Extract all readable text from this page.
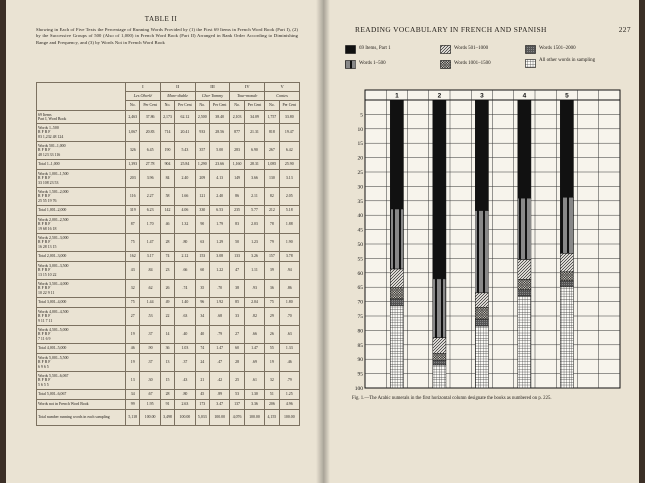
TABLE II
Showing in Each of Five Texts the Percentage of Running Words Provided by (1) the First 69 Items in French Word Book (Part I), (2) by the Successive Groups of 500 (Also of 1,000) in French Word Book (Part II) Arranged in Rank Order According to Diminishing Range and Frequency, and (3) by Words Not in French Word Book
	I		II		III		IV		V	
	Les Oberlé		Mare-diable		Cher Tommy		Tour-monde		Contes	
	No.	Per Cent	No.	Per Cent	No.	Per Cent	No.	Per Cent	No.	Per Cent
69 Items
Part I, Word Book	2,463	37.86	2,173	62.12	2,500	38.40	2,103	34.09	1,757	33.80
Words 1–500
R F R F
83 1,232 48 124	1,067	20.83	714	20.41	933	28.56	877	21.31	818	19.47
Words 501–1,000
R F R F
48 123 33 116	326	6.45	190	5.43	357	5.00	283	6.90	267	6.42
Total 1–1,000	1,393	27.78	904	25.84	1,290	23.66	1,160	28.31	1,085	25.90
Words 1,001–1,500
R F R F
33 108 23 53	203	3.96	84	2.40	209	4.13	149	3.66	130	3.13
Words 1,501–2,000
R F R F
25 55 19 76	116	2.27	58	1.66	121	2.40	86	2.11	82	2.05
Total 1,001–2,000	319	6.23	142	4.06	330	6.53	235	5.77	212	5.18
Words 2,001–2,500
R F R F
19 68 16 18	87	1.70	46	1.32	90	1.79	83	2.03	78	1.88
Words 2,501–3,000
R F R F
16 28 13 15	75	1.47	28	.80	63	1.29	50	1.23	79	1.90
Total 2,001–3,000	162	3.17	74	2.12	153	3.08	133	3.26	157	3.78
Words 3,001–3,500
R F R F
13 15 10 22	43	.84	23	.66	60	1.22	47	1.11	39	.94
Words 3,501–4,000
R F R F
10 22 9 11	32	.62	26	.74	35	.70	38	.93	36	.86
Total 3,001–4,000	75	1.44	49	1.40	96	1.92	85	2.04	75	1.80
Words 4,001–4,500
R F R F
9 11 7 11	27	.53	22	.63	34	.68	33	.82	29	.70
Words 4,501–5,000
R F R F
7 11 6 9	19	.37	14	.40	40	.79	27	.66	26	.63
Total 4,001–5,000	46	.90	36	1.03	74	1.47	60	1.47	55	1.33
Words 5,001–5,500
R F R F
6 9 6 5	19	.37	13	.37	24	.47	28	.69	19	.46
Words 5,501–6,067
R F R F
5 6 5 5	13	.30	15	.43	21	.42	25	.61	32	.79
Total 5,001–6,067	34	.67	28	.80	45	.89	53	1.30	51	1.25
Words not in French Word Book	99	1.95	91	2.63	173	3.47	137	3.36	206	4.96
Total number running words in each sampling	5,118	100.00	3,498	100.00	5,033	100.00	4,076	100.00	4,155	100.00
READING VOCABULARY IN FRENCH AND SPANISH	227
69 Items, Part 1
Words 1–500
Words 501–1000
Words 1001–1500
Words 1501–2000
All other words in sampling
5
10
15
20
25
30
35
40
45
50
55
60
65
70
75
80
85
90
95
100
1	2	3	4	5
Fig. 1.—The Arabic numerals in the first horizontal column designate the books as numbered on p. 225.
